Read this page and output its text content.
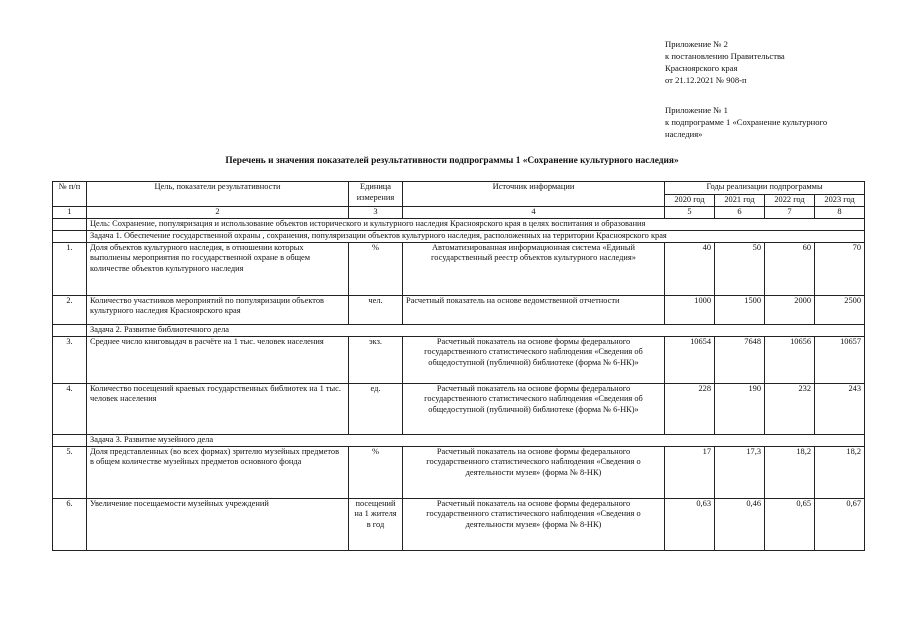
Приложение № 2
к постановлению Правительства
Красноярского края
от 21.12.2021 № 908-п
Приложение № 1
к подпрограмме 1 «Сохранение культурного
наследия»
Перечень и значения показателей результативности подпрограммы 1 «Сохранение культурного наследия»
№ п/п	Цель, показатели результативности	Единица измерения	Источник информации	Годы реализации подпрограммы			
				2020 год	2021 год	2022 год	2023 год
1	2	3	4	5	6	7	8
	Цель: Сохранение, популяризация и использование объектов исторического и культурного наследия Красноярского края в целях воспитания и образования						
	Задача 1. Обеспечение государственной охраны , сохранения, популяризации объектов культурного наследия, расположенных на территории Красноярского края						
1.	Доля объектов культурного наследия, в отношении которых выполнены мероприятия по государственной охране в общем количестве объектов культурного наследия	%	Автоматизированная информационная система «Единый государственный реестр объектов культурного наследия»	40	50	60	70
2.	Количество участников мероприятий по популяризации объектов культурного наследия Красноярского края	чел.	Расчетный показатель на основе ведомственной отчетности	1000	1500	2000	2500
	Задача 2. Развитие библиотечного дела						
3.	Среднее число книговыдач в расчёте на 1 тыс. человек населения	экз.	Расчетный показатель на основе формы федерального государственного статистического наблюдения «Сведения об общедоступной (публичной) библиотеке (форма № 6-НК)»	10654	7648	10656	10657
4.	Количество посещений краевых государственных библиотек на 1 тыс. человек населения	ед.	Расчетный показатель на основе формы федерального государственного статистического наблюдения «Сведения об общедоступной (публичной) библиотеке (форма № 6-НК)»	228	190	232	243
	Задача 3. Развитие музейного дела						
5.	Доля представленных (во всех формах) зрителю музейных предметов в общем количестве музейных предметов основного фонда	%	Расчетный показатель на основе формы федерального государственного статистического наблюдения «Сведения о деятельности музея» (форма № 8-НК)	17	17,3	18,2	18,2
6.	Увеличение посещаемости музейных учреждений	посещений на 1 жителя в год	Расчетный показатель на основе формы федерального государственного статистического наблюдения «Сведения о деятельности музея» (форма № 8-НК)	0,63	0,46	0,65	0,67
